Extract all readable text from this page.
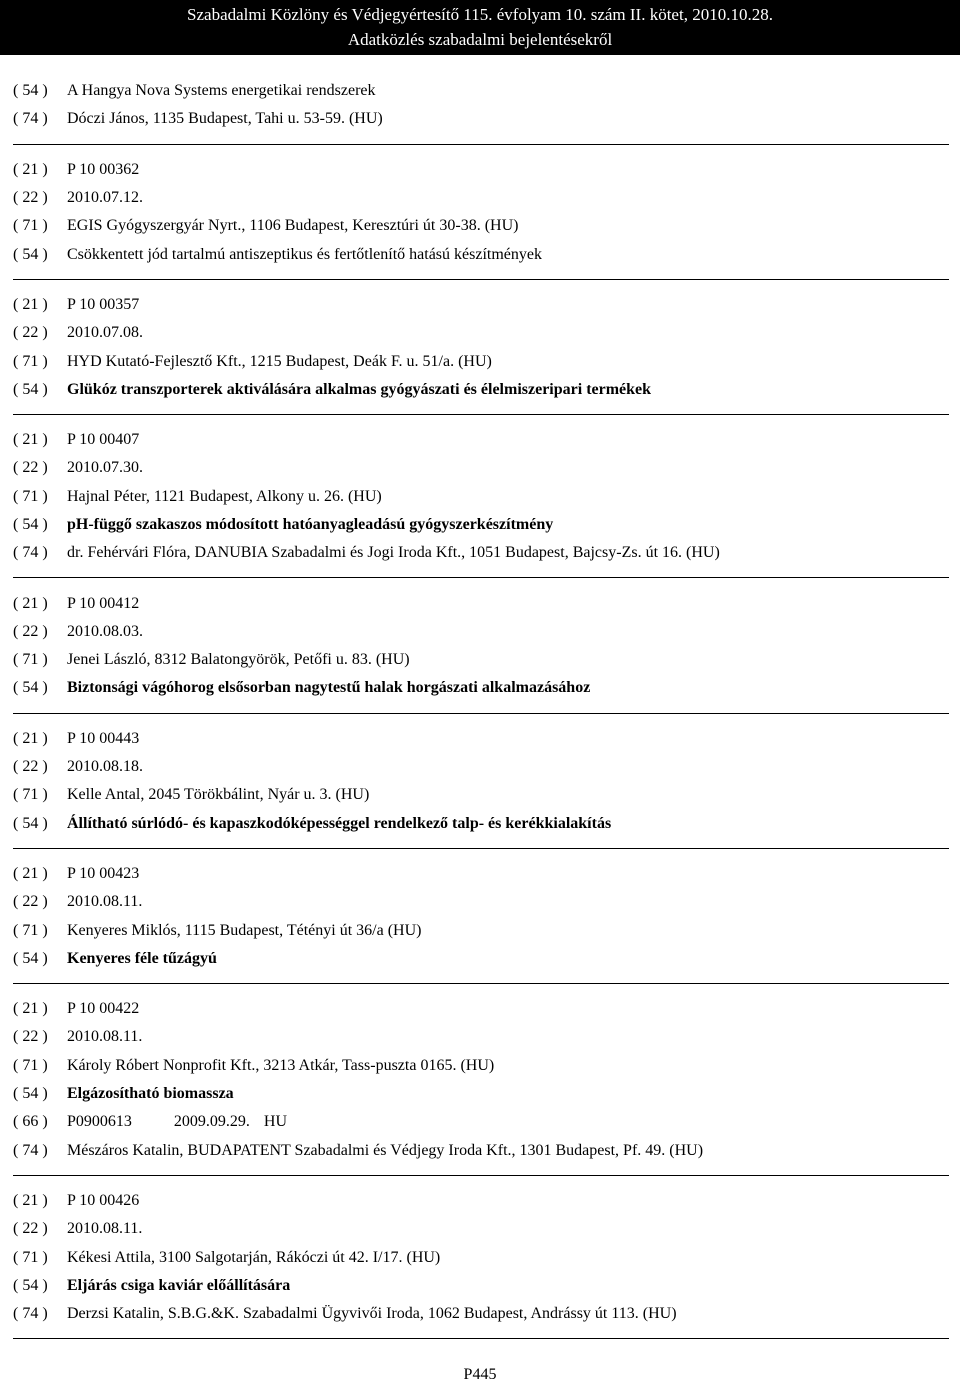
Szabadalmi Közlöny és Védjegyértesítő 115. évfolyam 10. szám II. kötet, 2010.10.28.
Adatközlés szabadalmi bejelentésekről
( 54 )	A Hangya Nova Systems energetikai rendszerek
( 74 )	Dóczi János, 1135 Budapest, Tahi u. 53-59. (HU)
( 21 )	P 10 00362
( 22 )	2010.07.12.
( 71 )	EGIS Gyógyszergyár Nyrt., 1106 Budapest, Keresztúri út 30-38. (HU)
( 54 )	Csökkentett jód tartalmú antiszeptikus és fertőtlenítő hatású készítmények
( 21 )	P 10 00357
( 22 )	2010.07.08.
( 71 )	HYD Kutató-Fejlesztő Kft., 1215 Budapest, Deák F. u. 51/a. (HU)
( 54 )	Glükóz transzporterek aktiválására alkalmas gyógyászati és élelmiszeripari termékek
( 21 )	P 10 00407
( 22 )	2010.07.30.
( 71 )	Hajnal Péter, 1121 Budapest, Alkony u. 26. (HU)
( 54 )	pH-függő szakaszos módosított hatóanyagleadású gyógyszerkészítmény
( 74 )	dr. Fehérvári Flóra, DANUBIA Szabadalmi és Jogi Iroda Kft., 1051 Budapest, Bajcsy-Zs. út 16. (HU)
( 21 )	P 10 00412
( 22 )	2010.08.03.
( 71 )	Jenei László, 8312 Balatongyörök, Petőfi u. 83. (HU)
( 54 )	Biztonsági vágóhorog elsősorban nagytestű halak horgászati alkalmazásához
( 21 )	P 10 00443
( 22 )	2010.08.18.
( 71 )	Kelle Antal, 2045 Törökbálint, Nyár u. 3. (HU)
( 54 )	Állítható súrlódó- és kapaszkodóképességgel rendelkező talp- és kerékkialakítás
( 21 )	P 10 00423
( 22 )	2010.08.11.
( 71 )	Kenyeres Miklós, 1115 Budapest, Tétényi út 36/a (HU)
( 54 )	Kenyeres féle tűzágyú
( 21 )	P 10 00422
( 22 )	2010.08.11.
( 71 )	Károly Róbert Nonprofit Kft., 3213 Atkár, Tass-puszta 0165. (HU)
( 54 )	Elgázosítható biomassza
( 66 )	P0900613	2009.09.29. HU
( 74 )	Mészáros Katalin, BUDAPATENT Szabadalmi és Védjegy Iroda Kft., 1301 Budapest, Pf. 49. (HU)
( 21 )	P 10 00426
( 22 )	2010.08.11.
( 71 )	Kékesi Attila, 3100 Salgotarján, Rákóczi út 42. I/17. (HU)
( 54 )	Eljárás csiga kaviár előállítására
( 74 )	Derzsi Katalin, S.B.G.&K. Szabadalmi Ügyvivői Iroda, 1062 Budapest, Andrássy út 113. (HU)
P445
